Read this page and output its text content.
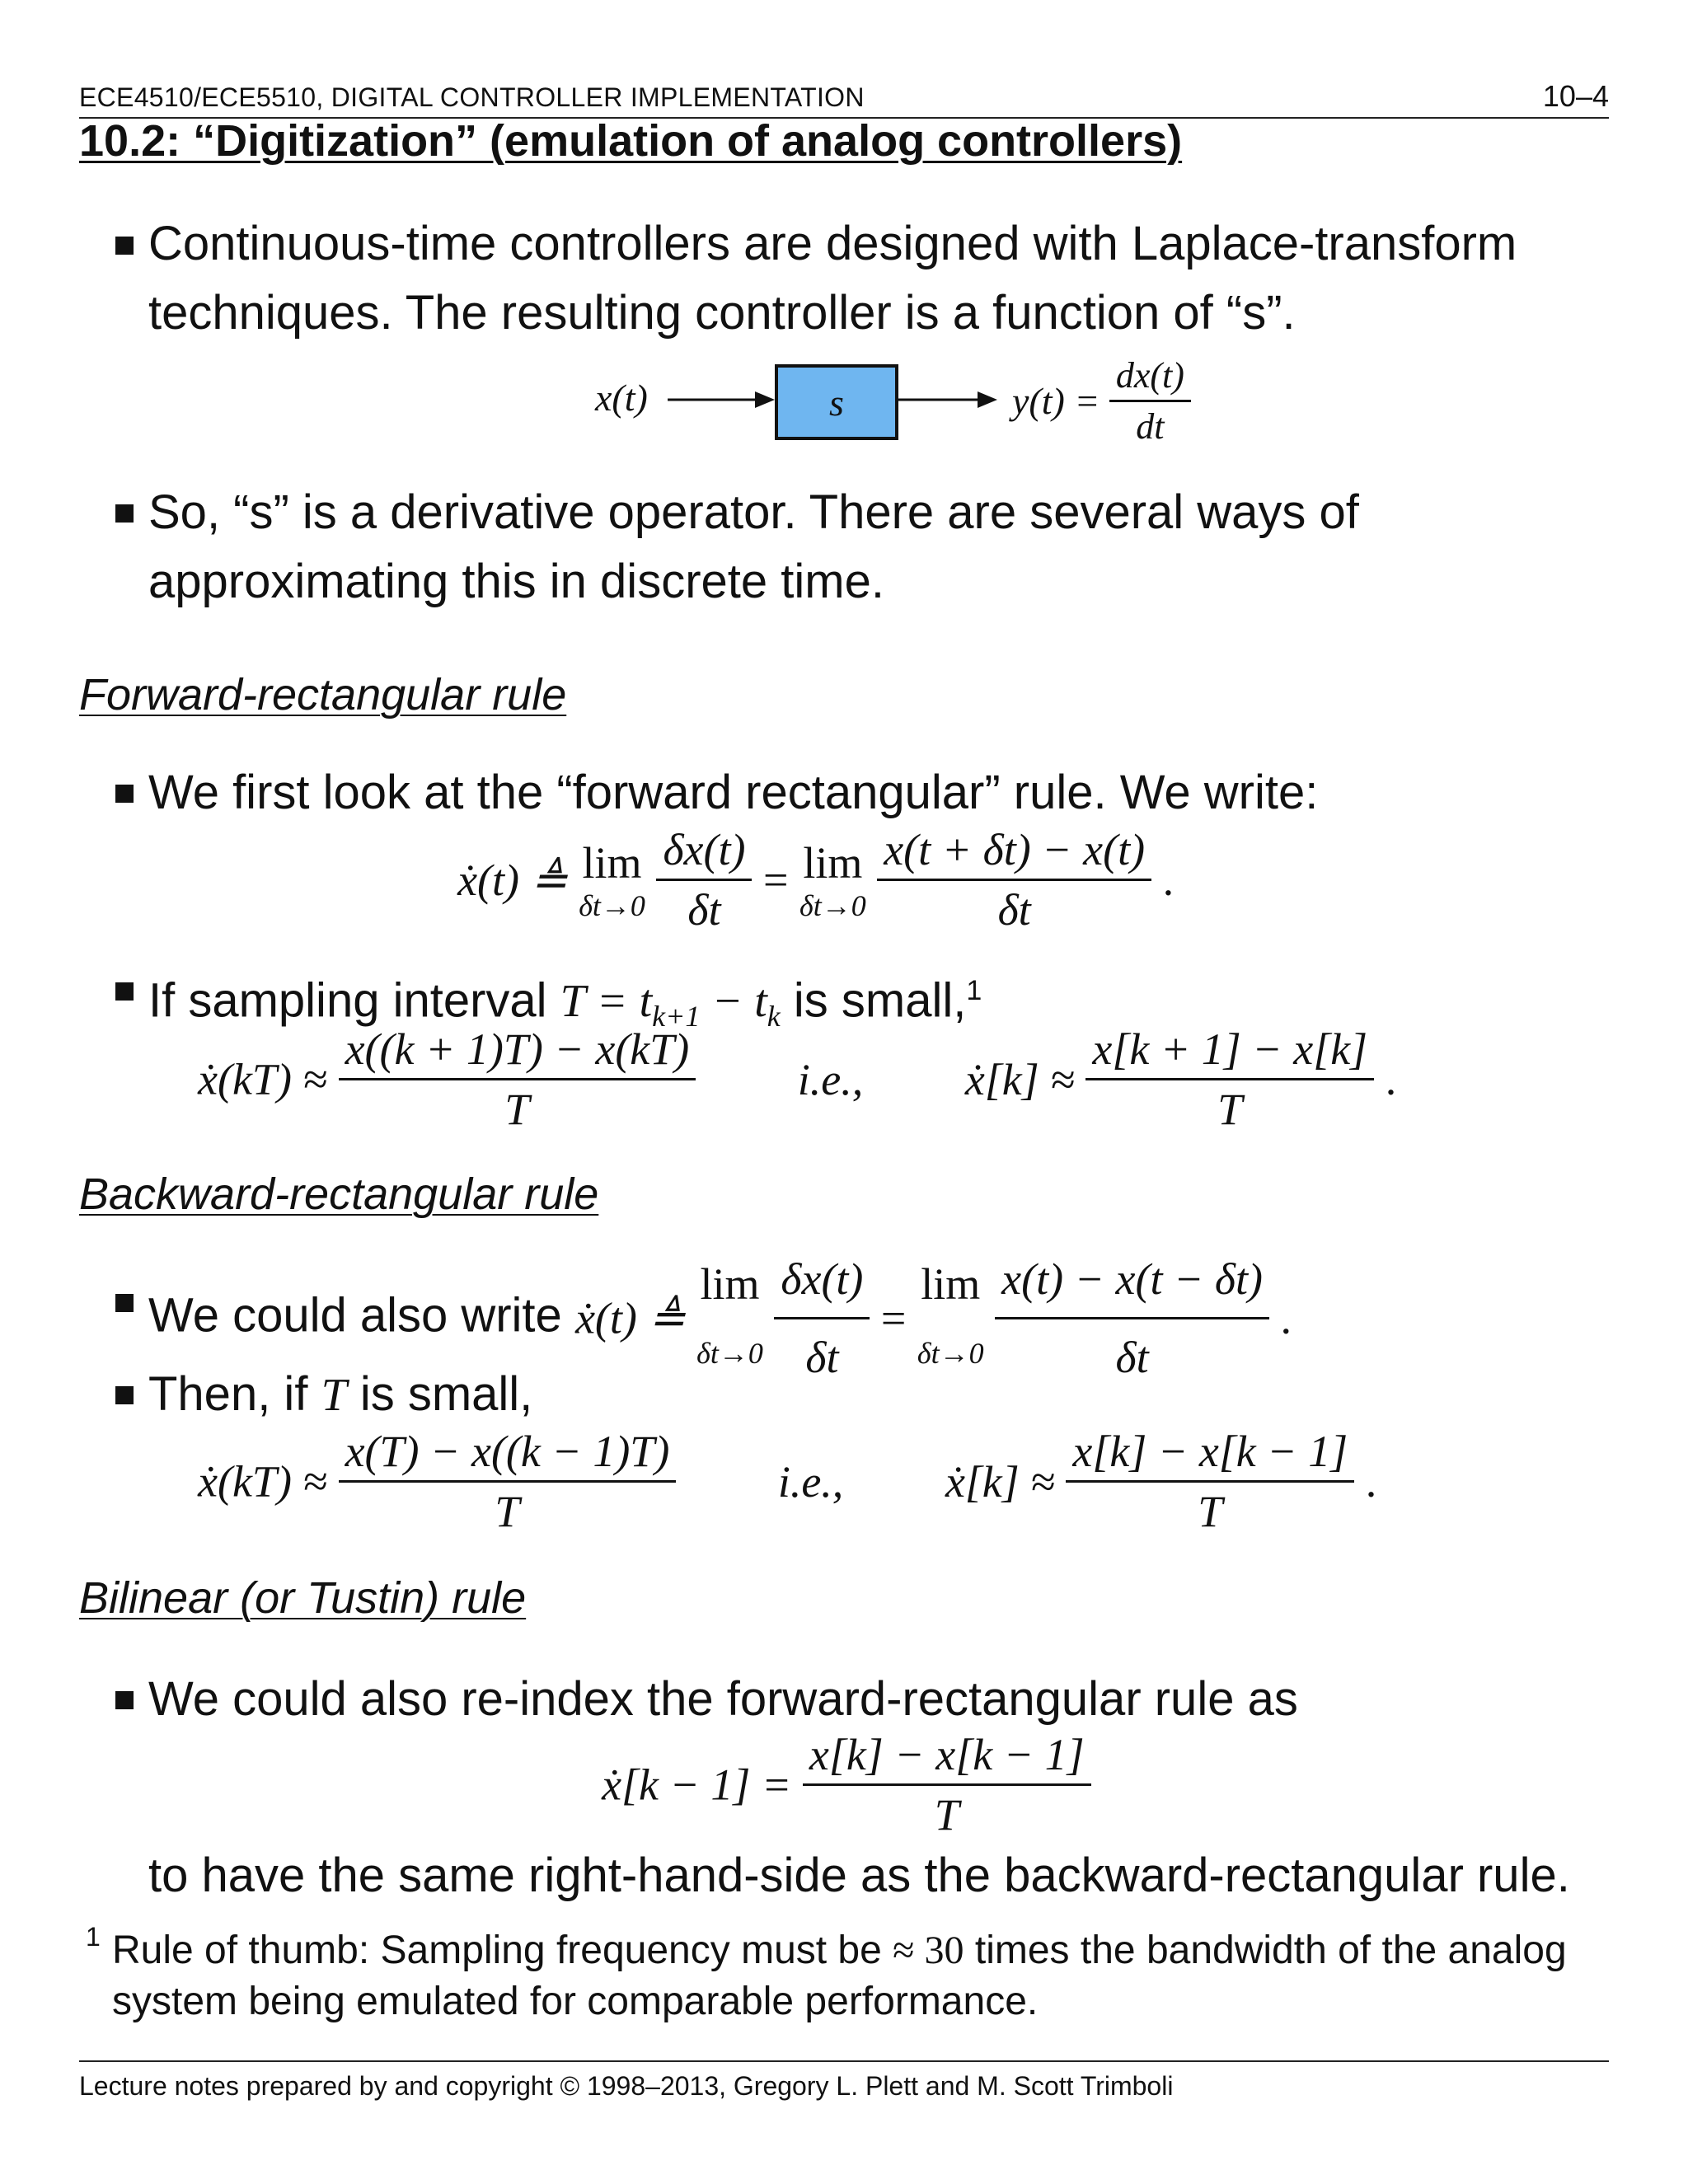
ECE4510/ECE5510, DIGITAL CONTROLLER IMPLEMENTATION	10–4
10.2: “Digitization” (emulation of analog controllers)
Continuous-time controllers are designed with Laplace-transform
techniques. The resulting controller is a function of “s”.
x(t)	s	$y(t) = \frac{dx(t)}{dt}$
So, “s” is a derivative operator. There are several ways of
approximating this in discrete time.
Forward-rectangular rule
We first look at the “forward rectangular” rule. We write:
ẋ(t) ≜ lim
δt→0
$\frac{\delta x(t)}{\delta t} = \lim$
δt→0
$\frac{x(t + \delta t) - x(t)}{\delta t}$ .
If sampling interval $T = t_{k+1} - t_k$ is small,$^1$
ẋ(kT) ≈ $\frac{x((k + 1)T) - x(kT)}{T} i.e$., ẋ[k] ≈ $\frac{x[k + 1] - x[k]}{T}$ .
Backward-rectangular rule
We could also write ẋ(t) ≜
lim
δt→0
$\frac{\delta x(t)}{\delta t}$ =
lim
δt→0
$\frac{x(t) - x(t - \delta t)}{\delta t}$ .
Then, if T is small,
ẋ(kT) ≈ $\frac{x(T) - x((k - 1)T)}{T} i.e$., ẋ[k] ≈ $\frac{x[k] - x[k - 1]}{T}$ .
Bilinear (or Tustin) rule
We could also re-index the forward-rectangular rule as
ẋ[k − $1] = \frac{x[k] - x[k - 1]}{T}$
to have the same right-hand-side as the backward-rectangular rule.
1 Rule of thumb: Sampling frequency must be ≈ 30 times the bandwidth of the analog
system being emulated for comparable performance.
Lecture notes prepared by and copyright © 1998–2013, Gregory L. Plett and M. Scott Trimboli
